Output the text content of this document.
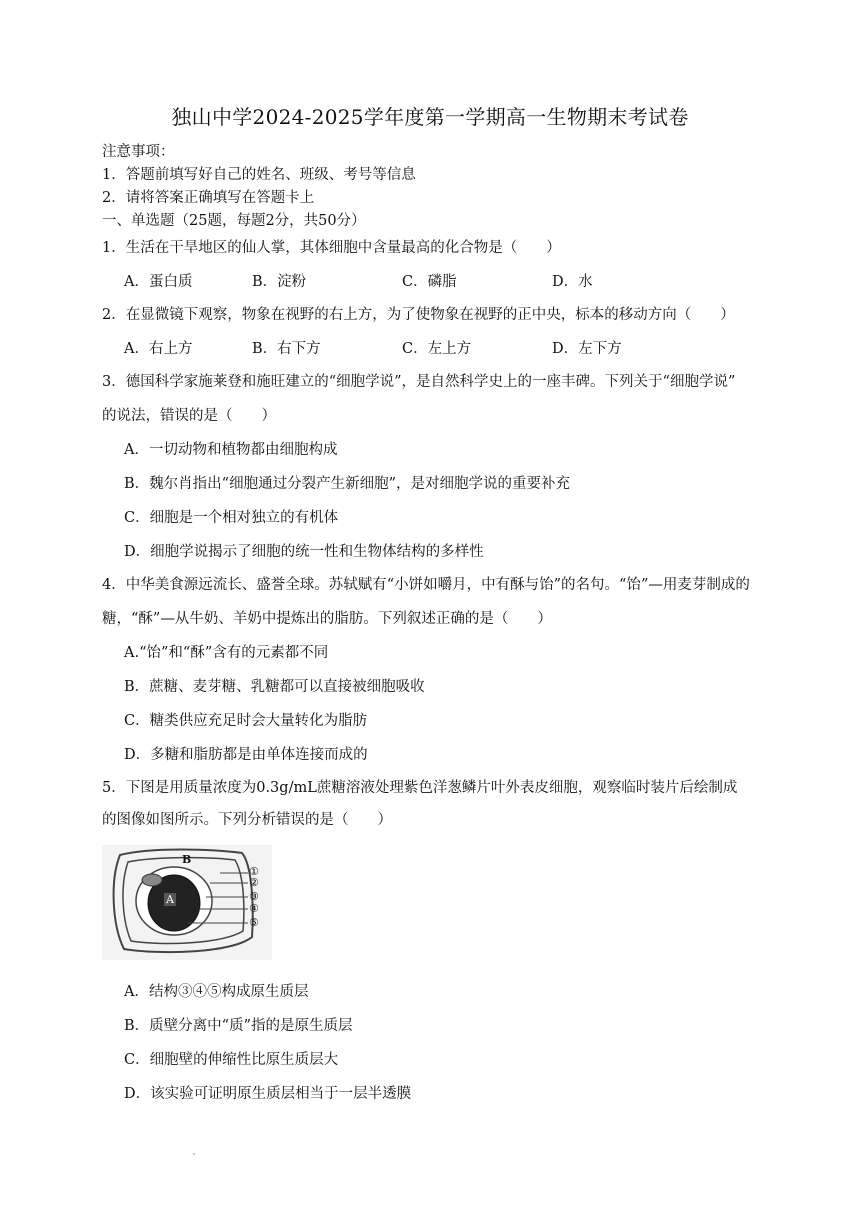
独山中学2024-2025学年度第一学期高一生物期末考试卷
注意事项：
1．答题前填写好自己的姓名、班级、考号等信息
2．请将答案正确填写在答题卡上
一、单选题（25题，每题2分，共50分）
1．生活在干旱地区的仙人掌，其体细胞中含量最高的化合物是（　　）
A．蛋白质	B．淀粉	C．磷脂	D．水
2．在显微镜下观察，物象在视野的右上方，为了使物象在视野的正中央，标本的移动方向（　　）
A．右上方	B．右下方	C．左上方	D．左下方
3．德国科学家施莱登和施旺建立的“细胞学说”，是自然科学史上的一座丰碑。下列关于“细胞学说”
的说法，错误的是（　　）
A．一切动物和植物都由细胞构成
B．魏尔肖指出“细胞通过分裂产生新细胞”，是对细胞学说的重要补充
C．细胞是一个相对独立的有机体
D．细胞学说揭示了细胞的统一性和生物体结构的多样性
4．中华美食源远流长、盛誉全球。苏轼赋有“小饼如嚼月，中有酥与饴”的名句。“饴”—用麦芽制成的
糖，“酥”—从牛奶、羊奶中提炼出的脂肪。下列叙述正确的是（　　）
A.“饴”和“酥”含有的元素都不同
B．蔗糖、麦芽糖、乳糖都可以直接被细胞吸收
C．糖类供应充足时会大量转化为脂肪
D．多糖和脂肪都是由单体连接而成的
5．下图是用质量浓度为0.3g/mL蔗糖溶液处理紫色洋葱鳞片叶外表皮细胞，观察临时装片后绘制成
的图像如图所示。下列分析错误的是（　　）
A
B
①
②
③
④
⑤
A．结构③④⑤构成原生质层
B．质壁分离中“质”指的是原生质层
C．细胞壁的伸缩性比原生质层大
D．该实验可证明原生质层相当于一层半透膜
